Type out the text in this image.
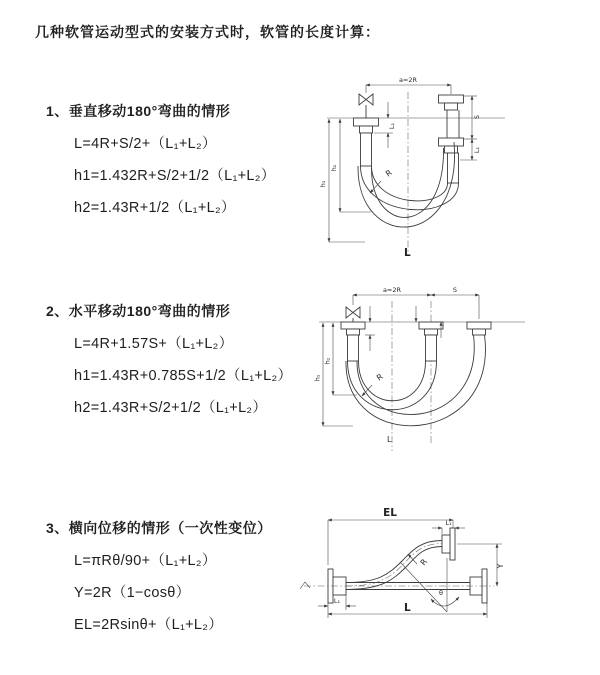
几种软管运动型式的安装方式时，软管的长度计算：
1、垂直移动180°弯曲的情形
L=4R+S/2+（L₁+L₂）
h1=1.432R+S/2+1/2（L₁+L₂）
h2=1.43R+1/2（L₁+L₂）
2、水平移动180°弯曲的情形
L=4R+1.57S+（L₁+L₂）
h1=1.43R+0.785S+1/2（L₁+L₂）
h2=1.43R+S/2+1/2（L₁+L₂）
3、横向位移的情形（一次性变位）
L=πRθ/90+（L₁+L₂）
Y=2R（1−cosθ）
EL=2Rsinθ+（L₁+L₂）
a=2R
R
h₂
h₁
L₁
S
L₁
L
a=2R	S
h₂
h₁	R
L
EL
L₁
R
θ
Y
L₁
L
